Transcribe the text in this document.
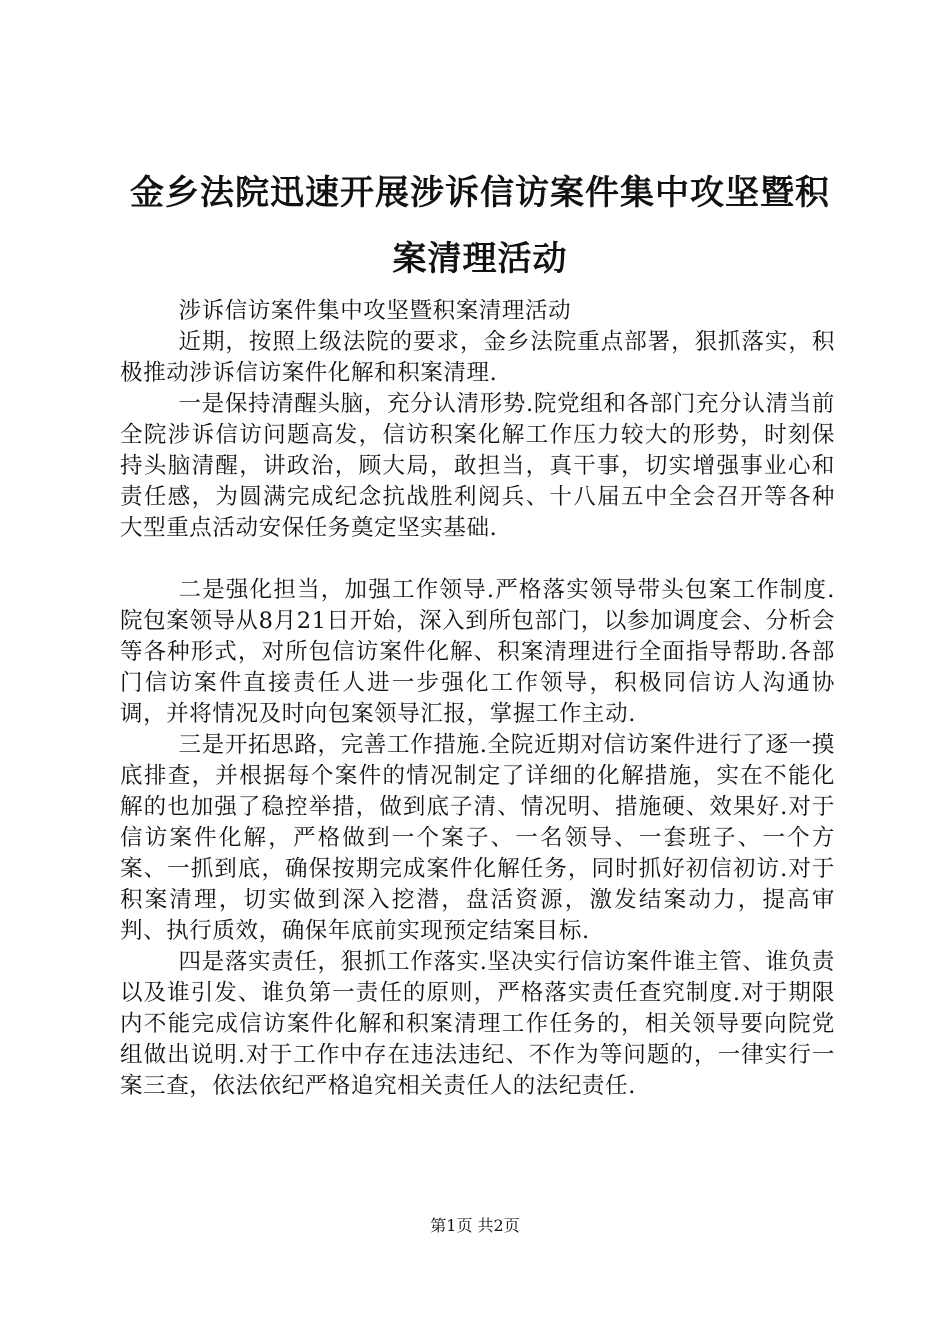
金乡法院迅速开展涉诉信访案件集中攻坚暨积案清理活动

涉诉信访案件集中攻坚暨积案清理活动

近期，按照上级法院的要求，金乡法院重点部署，狠抓落实，积极推动涉诉信访案件化解和积案清理.

一是保持清醒头脑，充分认清形势.院党组和各部门充分认清当前全院涉诉信访问题高发，信访积案化解工作压力较大的形势，时刻保持头脑清醒，讲政治，顾大局，敢担当，真干事，切实增强事业心和责任感，为圆满完成纪念抗战胜利阅兵、十八届五中全会召开等各种大型重点活动安保任务奠定坚实基础.

二是强化担当，加强工作领导.严格落实领导带头包案工作制度.院包案领导从8月21日开始，深入到所包部门，以参加调度会、分析会等各种形式，对所包信访案件化解、积案清理进行全面指导帮助.各部门信访案件直接责任人进一步强化工作领导，积极同信访人沟通协调，并将情况及时向包案领导汇报，掌握工作主动.

三是开拓思路，完善工作措施.全院近期对信访案件进行了逐一摸底排查，并根据每个案件的情况制定了详细的化解措施，实在不能化解的也加强了稳控举措，做到底子清、情况明、措施硬、效果好.对于信访案件化解，严格做到一个案子、一名领导、一套班子、一个方案、一抓到底，确保按期完成案件化解任务，同时抓好初信初访.对于积案清理，切实做到深入挖潜，盘活资源，激发结案动力，提高审判、执行质效，确保年底前实现预定结案目标.

四是落实责任，狠抓工作落实.坚决实行信访案件谁主管、谁负责以及谁引发、谁负第一责任的原则，严格落实责任查究制度.对于期限内不能完成信访案件化解和积案清理工作任务的，相关领导要向院党组做出说明.对于工作中存在违法违纪、不作为等问题的，一律实行一案三查，依法依纪严格追究相关责任人的法纪责任.

第1页 共2页
